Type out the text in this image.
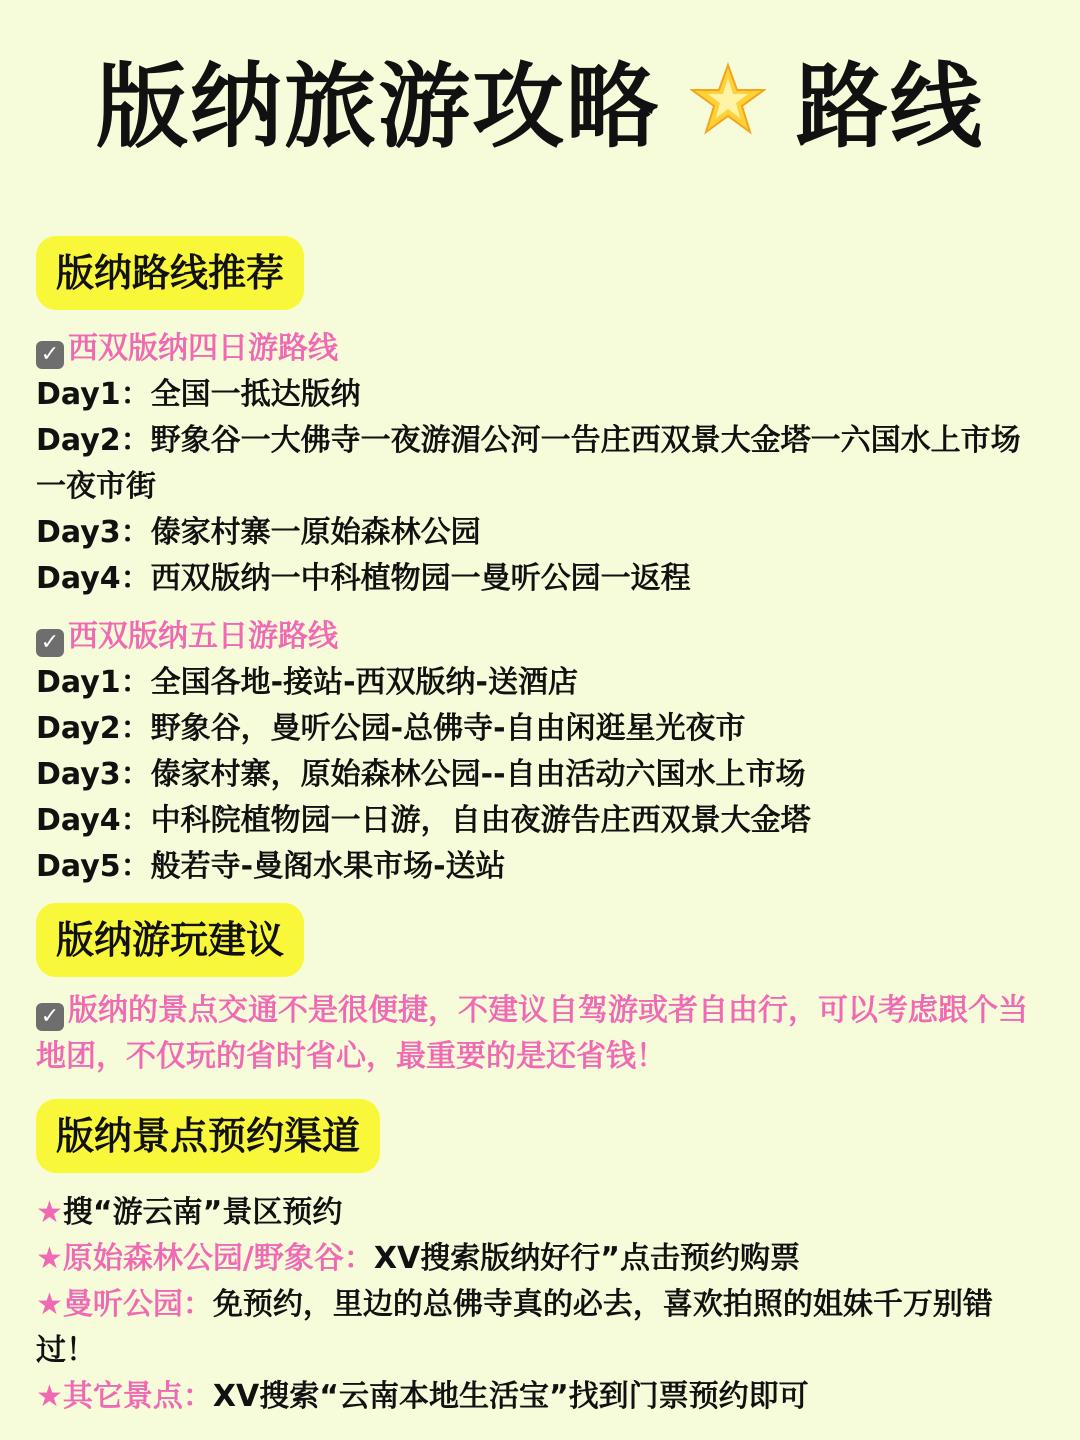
版纳旅游攻略 路线
版纳路线推荐
✓ 西双版纳四日游路线
Day1：全国一抵达版纳
Day2：野象谷一大佛寺一夜游湄公河一告庄西双景大金塔一六国水上市场一夜市街
Day3：傣家村寨一原始森林公园
Day4：西双版纳一中科植物园一曼听公园一返程
✓ 西双版纳五日游路线
Day1：全国各地-接站-西双版纳-送酒店
Day2：野象谷，曼听公园-总佛寺-自由闲逛星光夜市
Day3：傣家村寨，原始森林公园--自由活动六国水上市场
Day4：中科院植物园一日游，自由夜游告庄西双景大金塔
Day5：般若寺-曼阁水果市场-送站
版纳游玩建议
✓ 版纳的景点交通不是很便捷，不建议自驾游或者自由行，可以考虑跟个当地团，不仅玩的省时省心，最重要的是还省钱！
版纳景点预约渠道
★搜“游云南”景区预约
★原始森林公园/野象谷：XV搜索版纳好行”点击预约购票
★曼听公园：免预约，里边的总佛寺真的必去，喜欢拍照的姐妹千万别错过！
★其它景点：XV搜索“云南本地生活宝”找到门票预约即可
